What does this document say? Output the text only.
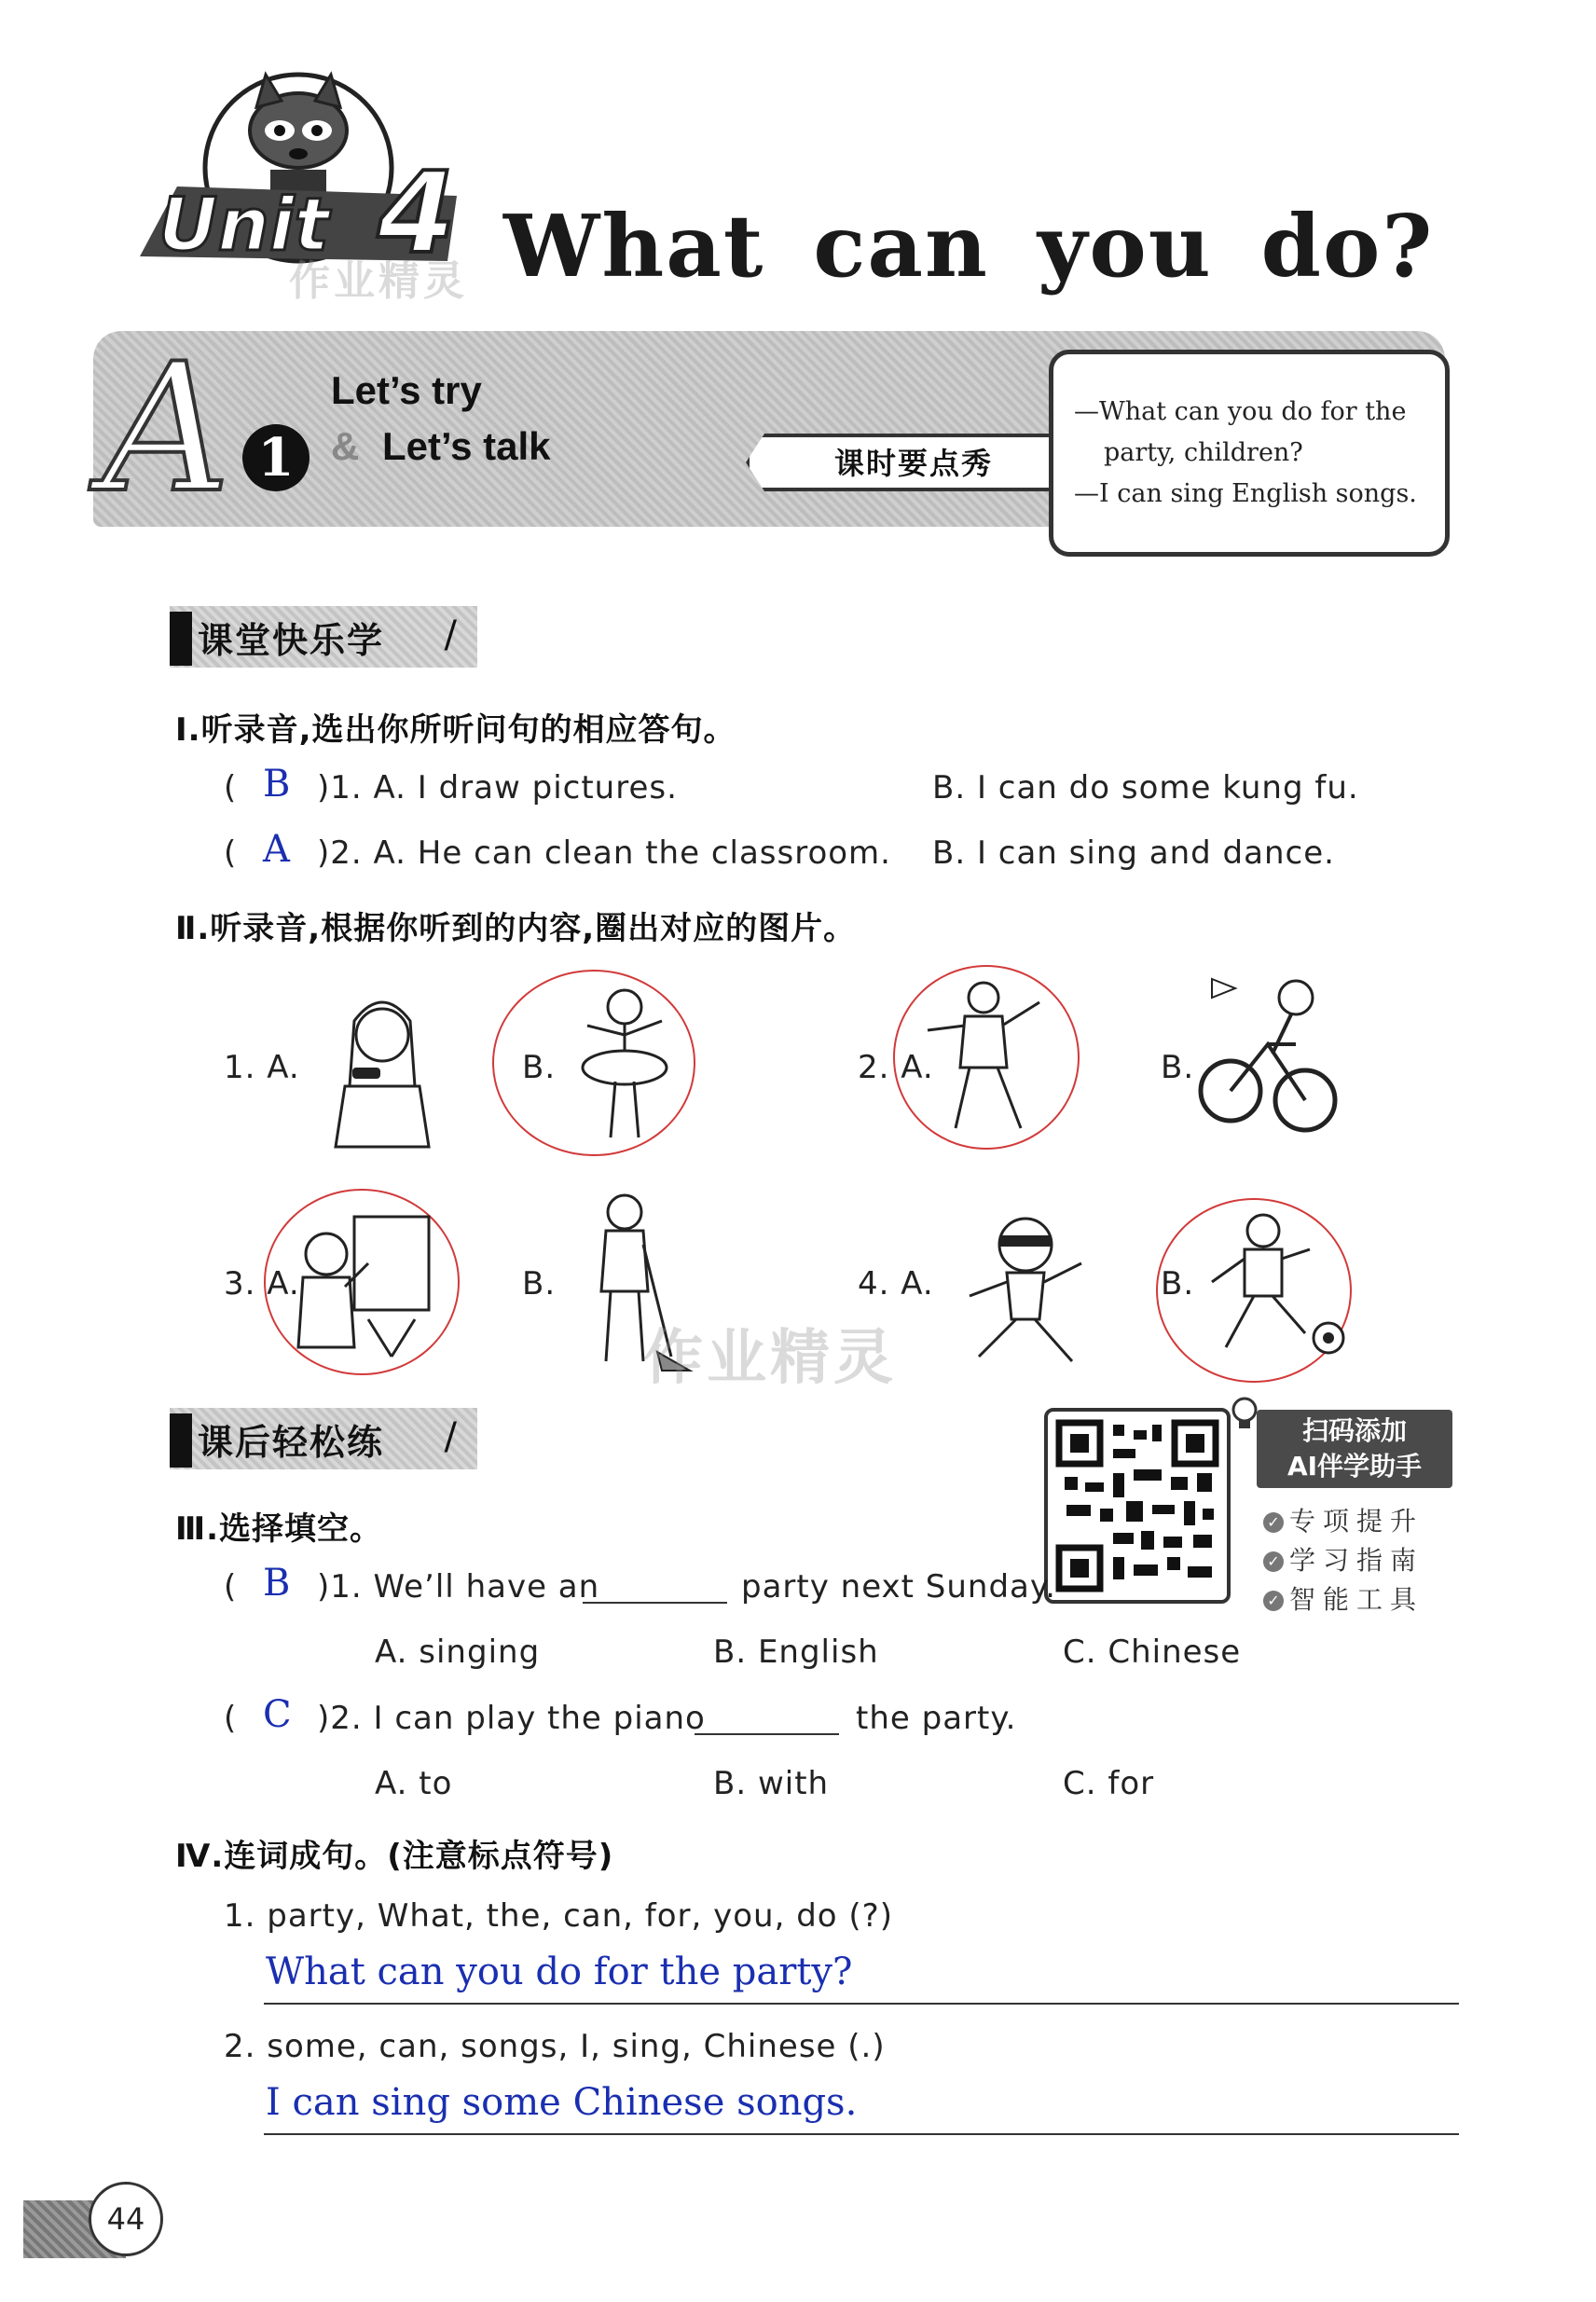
Unit 4 What can you do?
作业精灵
A 1
Let’s try
& Let’s talk	课时要点秀
—What can you do for the
party, children?
—I can sing English songs.
课堂快乐学 /
Ⅰ.听录音,选出你所听问句的相应答句。
( B )1. A. I draw pictures.	B. I can do some kung fu.
( A )2. A. He can clean the classroom. B. I can sing and dance.
Ⅱ.听录音,根据你听到的内容,圈出对应的图片。
1. A.	B.	2. A.	B.
3. A.	B.	4. A.	B.
作业精灵
课后轻松练 /	扫码添加
AI伴学助手
✓ 专项提升
✓ 学习指南
✓ 智能工具
Ⅲ.选择填空。
( B )1. We’ll have an	party next Sunday.
A. singing	B. English	C. Chinese
( C )2. I can play the piano	the party.
A. to	B. with	C. for
Ⅳ.连词成句。(注意标点符号)
1. party, What, the, can, for, you, do (?)
What can you do for the party?
2. some, can, songs, I, sing, Chinese (.)
I can sing some Chinese songs.
44
